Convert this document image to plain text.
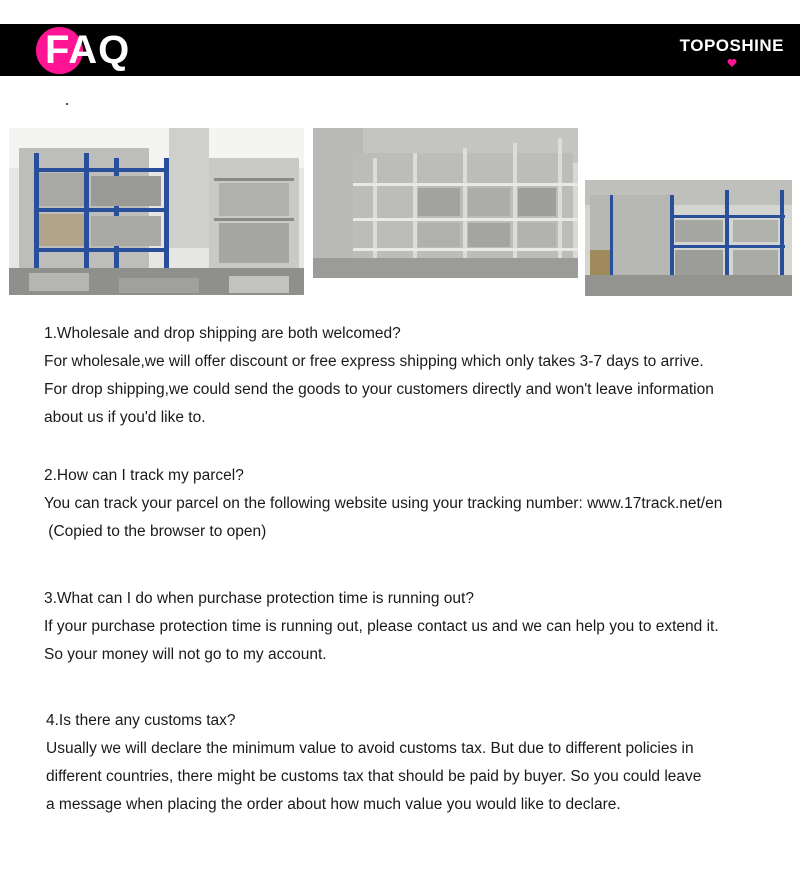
FAQ	TOPOSHINE

1.Wholesale and drop shipping are both welcomed?

For wholesale,we will offer discount or free express shipping which only takes 3-7 days to arrive.

For drop shipping,we could send the goods to your customers directly and won't leave information

about us if you'd like to.

2.How can I track my parcel?

You can track your parcel on the following website using your tracking number: www.17track.net/en

(Copied to the browser to open)

3.What can I do when purchase protection time is running out?

If your purchase protection time is running out, please contact us and we can help you to extend it.

So your money will not go to my account.

4.Is there any customs tax?

Usually we will declare the minimum value to avoid customs tax. But due to different policies in

different countries, there might be customs tax that should be paid by buyer. So you could leave

a message when placing the order about how much value you would like to declare.
